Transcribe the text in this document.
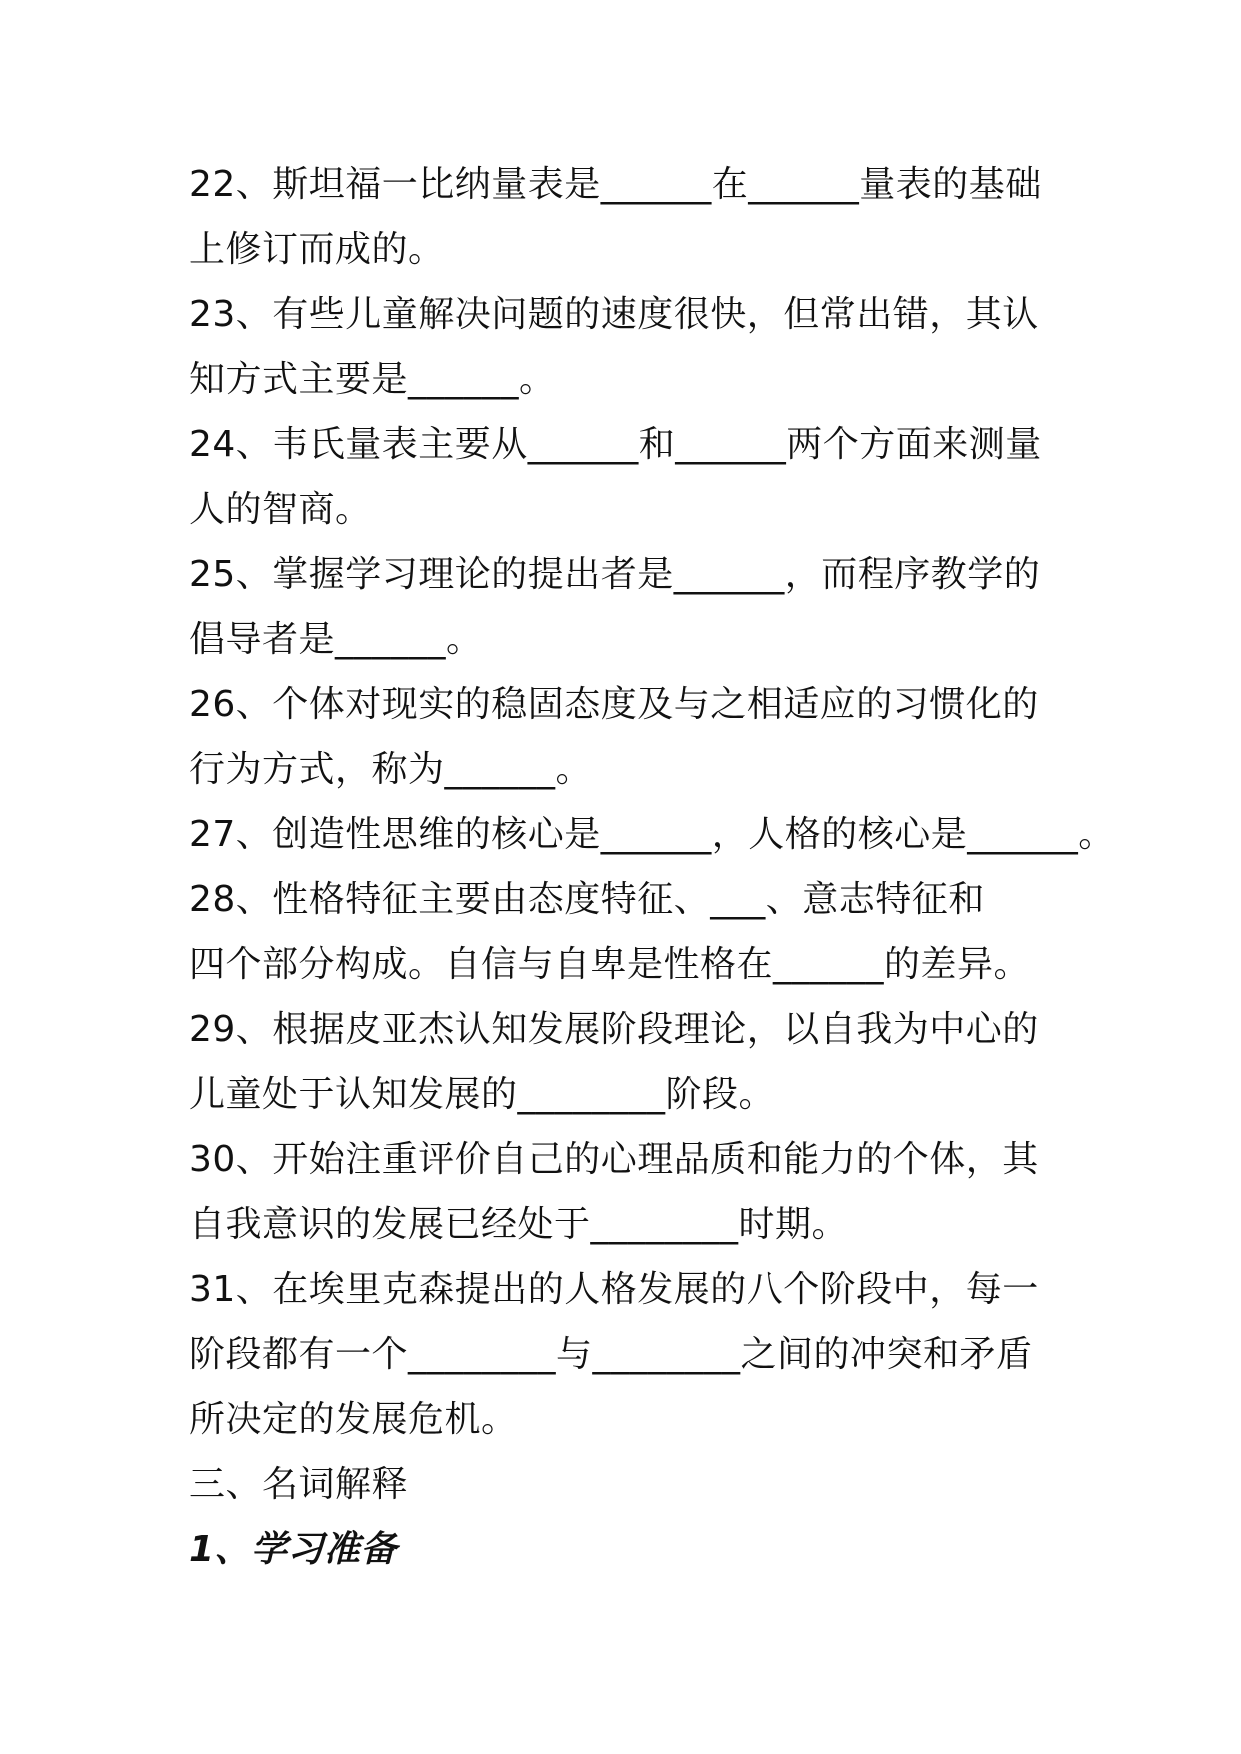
22、斯坦福一比纳量表是______在______量表的基础
上修订而成的。
23、有些儿童解决问题的速度很快，但常出错，其认
知方式主要是______。
24、韦氏量表主要从______和______两个方面来测量
人的智商。
25、掌握学习理论的提出者是______，而程序教学的
倡导者是______。
26、个体对现实的稳固态度及与之相适应的习惯化的
行为方式，称为______。
27、创造性思维的核心是______，人格的核心是______。
28、性格特征主要由态度特征、___、意志特征和
四个部分构成。自信与自卑是性格在______的差异。
29、根据皮亚杰认知发展阶段理论，以自我为中心的
儿童处于认知发展的________阶段。
30、开始注重评价自己的心理品质和能力的个体，其
自我意识的发展已经处于________时期。
31、在埃里克森提出的人格发展的八个阶段中，每一
阶段都有一个________与________之间的冲突和矛盾
所决定的发展危机。
三、名词解释
1、学习准备
